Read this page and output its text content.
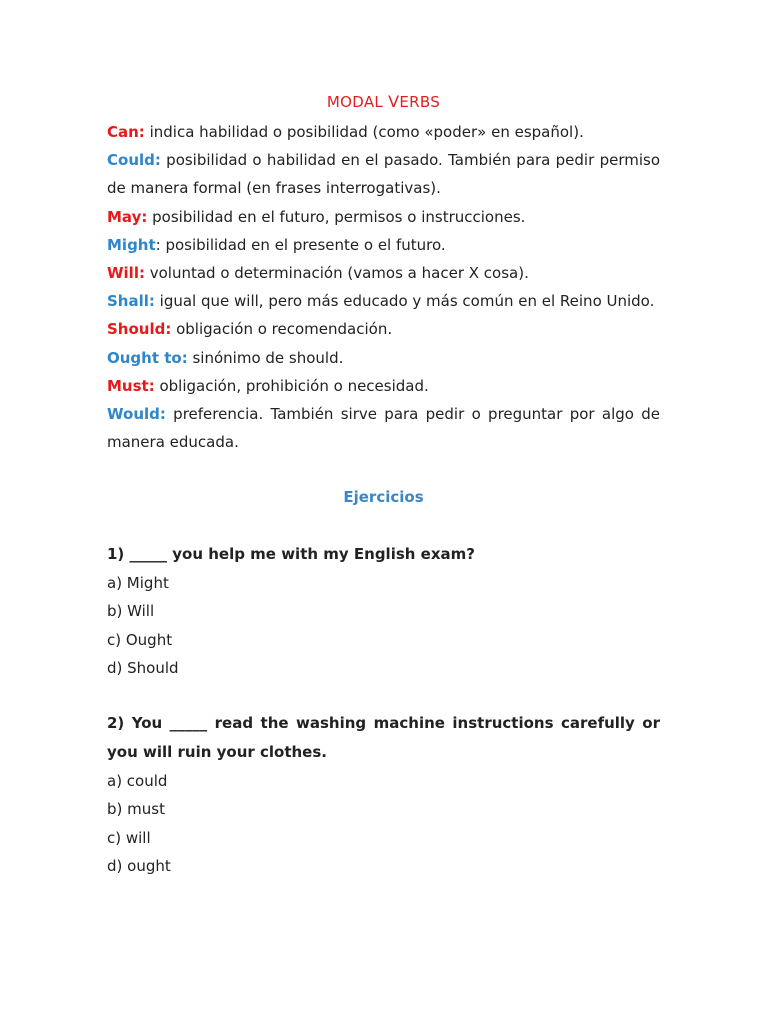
MODAL VERBS

Can: indica habilidad o posibilidad (como «poder» en español).

Could: posibilidad o habilidad en el pasado. También para pedir permiso de manera formal (en frases interrogativas).

May: posibilidad en el futuro, permisos o instrucciones.

Might: posibilidad en el presente o el futuro.

Will: voluntad o determinación (vamos a hacer X cosa).

Shall: igual que will, pero más educado y más común en el Reino Unido.

Should: obligación o recomendación.

Ought to: sinónimo de should.

Must: obligación, prohibición o necesidad.

Would: preferencia. También sirve para pedir o preguntar por algo de manera educada.

Ejercicios

1) _____ you help me with my English exam?

a) Might

b) Will

c) Ought

d) Should

2) You _____ read the washing machine instructions carefully or you will ruin your clothes.

a) could

b) must

c) will

d) ought
